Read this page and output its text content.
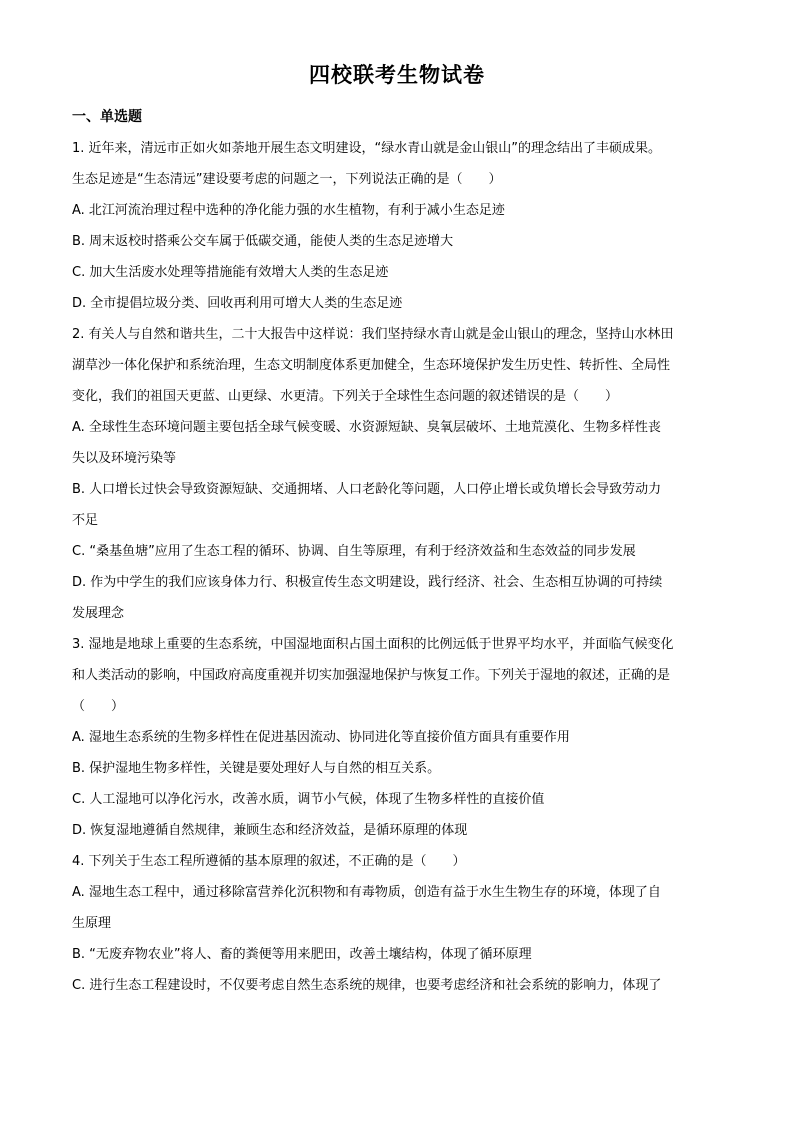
四校联考生物试卷
一、单选题
1. 近年来，清远市正如火如荼地开展生态文明建设，“绿水青山就是金山银山”的理念结出了丰硕成果。
生态足迹是“生态清远”建设要考虑的问题之一，下列说法正确的是（　　）
A. 北江河流治理过程中选种的净化能力强的水生植物，有利于减小生态足迹
B. 周末返校时搭乘公交车属于低碳交通，能使人类的生态足迹增大
C. 加大生活废水处理等措施能有效增大人类的生态足迹
D. 全市提倡垃圾分类、回收再利用可增大人类的生态足迹
2. 有关人与自然和谐共生，二十大报告中这样说：我们坚持绿水青山就是金山银山的理念，坚持山水林田
湖草沙一体化保护和系统治理，生态文明制度体系更加健全，生态环境保护发生历史性、转折性、全局性
变化，我们的祖国天更蓝、山更绿、水更清。下列关于全球性生态问题的叙述错误的是（　　）
A. 全球性生态环境问题主要包括全球气候变暖、水资源短缺、臭氧层破坏、土地荒漠化、生物多样性丧
失以及环境污染等
B. 人口增长过快会导致资源短缺、交通拥堵、人口老龄化等问题，人口停止增长或负增长会导致劳动力
不足
C. “桑基鱼塘”应用了生态工程的循环、协调、自生等原理，有利于经济效益和生态效益的同步发展
D. 作为中学生的我们应该身体力行、积极宣传生态文明建设，践行经济、社会、生态相互协调的可持续
发展理念
3. 湿地是地球上重要的生态系统，中国湿地面积占国土面积的比例远低于世界平均水平，并面临气候变化
和人类活动的影响，中国政府高度重视并切实加强湿地保护与恢复工作。下列关于湿地的叙述，正确的是
（　　）
A. 湿地生态系统的生物多样性在促进基因流动、协同进化等直接价值方面具有重要作用
B. 保护湿地生物多样性，关键是要处理好人与自然的相互关系。
C. 人工湿地可以净化污水，改善水质，调节小气候，体现了生物多样性的直接价值
D. 恢复湿地遵循自然规律，兼顾生态和经济效益，是循环原理的体现
4. 下列关于生态工程所遵循的基本原理的叙述，不正确的是（　　）
A. 湿地生态工程中，通过移除富营养化沉积物和有毒物质，创造有益于水生生物生存的环境，体现了自
生原理
B. “无废弃物农业”将人、畜的粪便等用来肥田，改善土壤结构，体现了循环原理
C. 进行生态工程建设时，不仅要考虑自然生态系统的规律，也要考虑经济和社会系统的影响力，体现了
